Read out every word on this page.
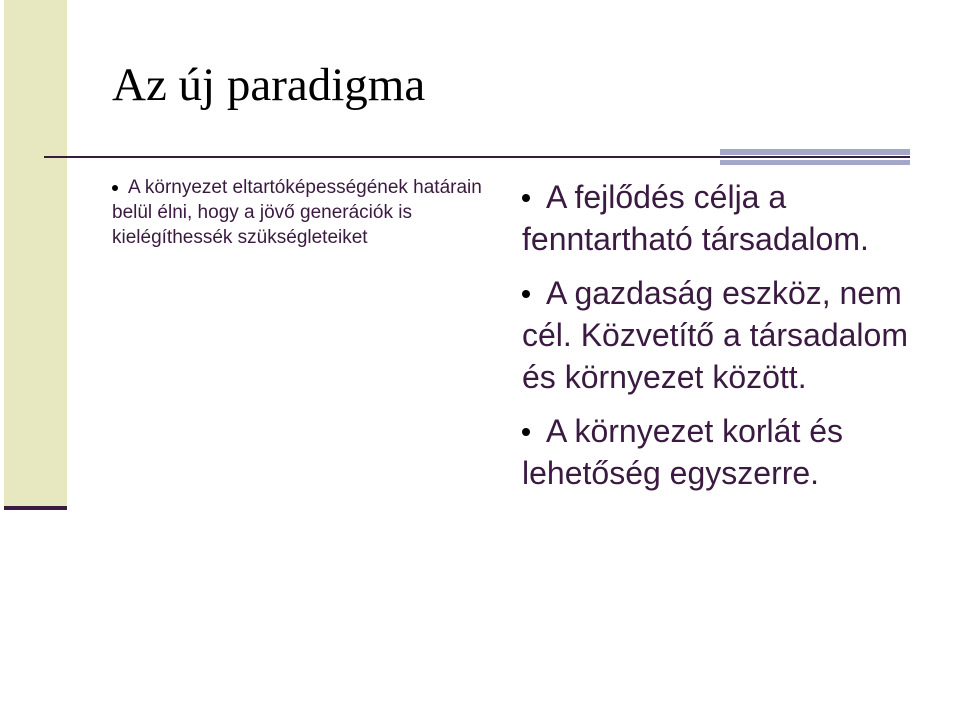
Az új paradigma
A környezet eltartóképességének határain belül élni, hogy a jövő generációk is kielégíthessék szükségleteiket
A fejlődés célja a fenntartható társadalom.
A gazdaság eszköz, nem cél. Közvetítő a társadalom és környezet között.
A környezet korlát és lehetőség egyszerre.
